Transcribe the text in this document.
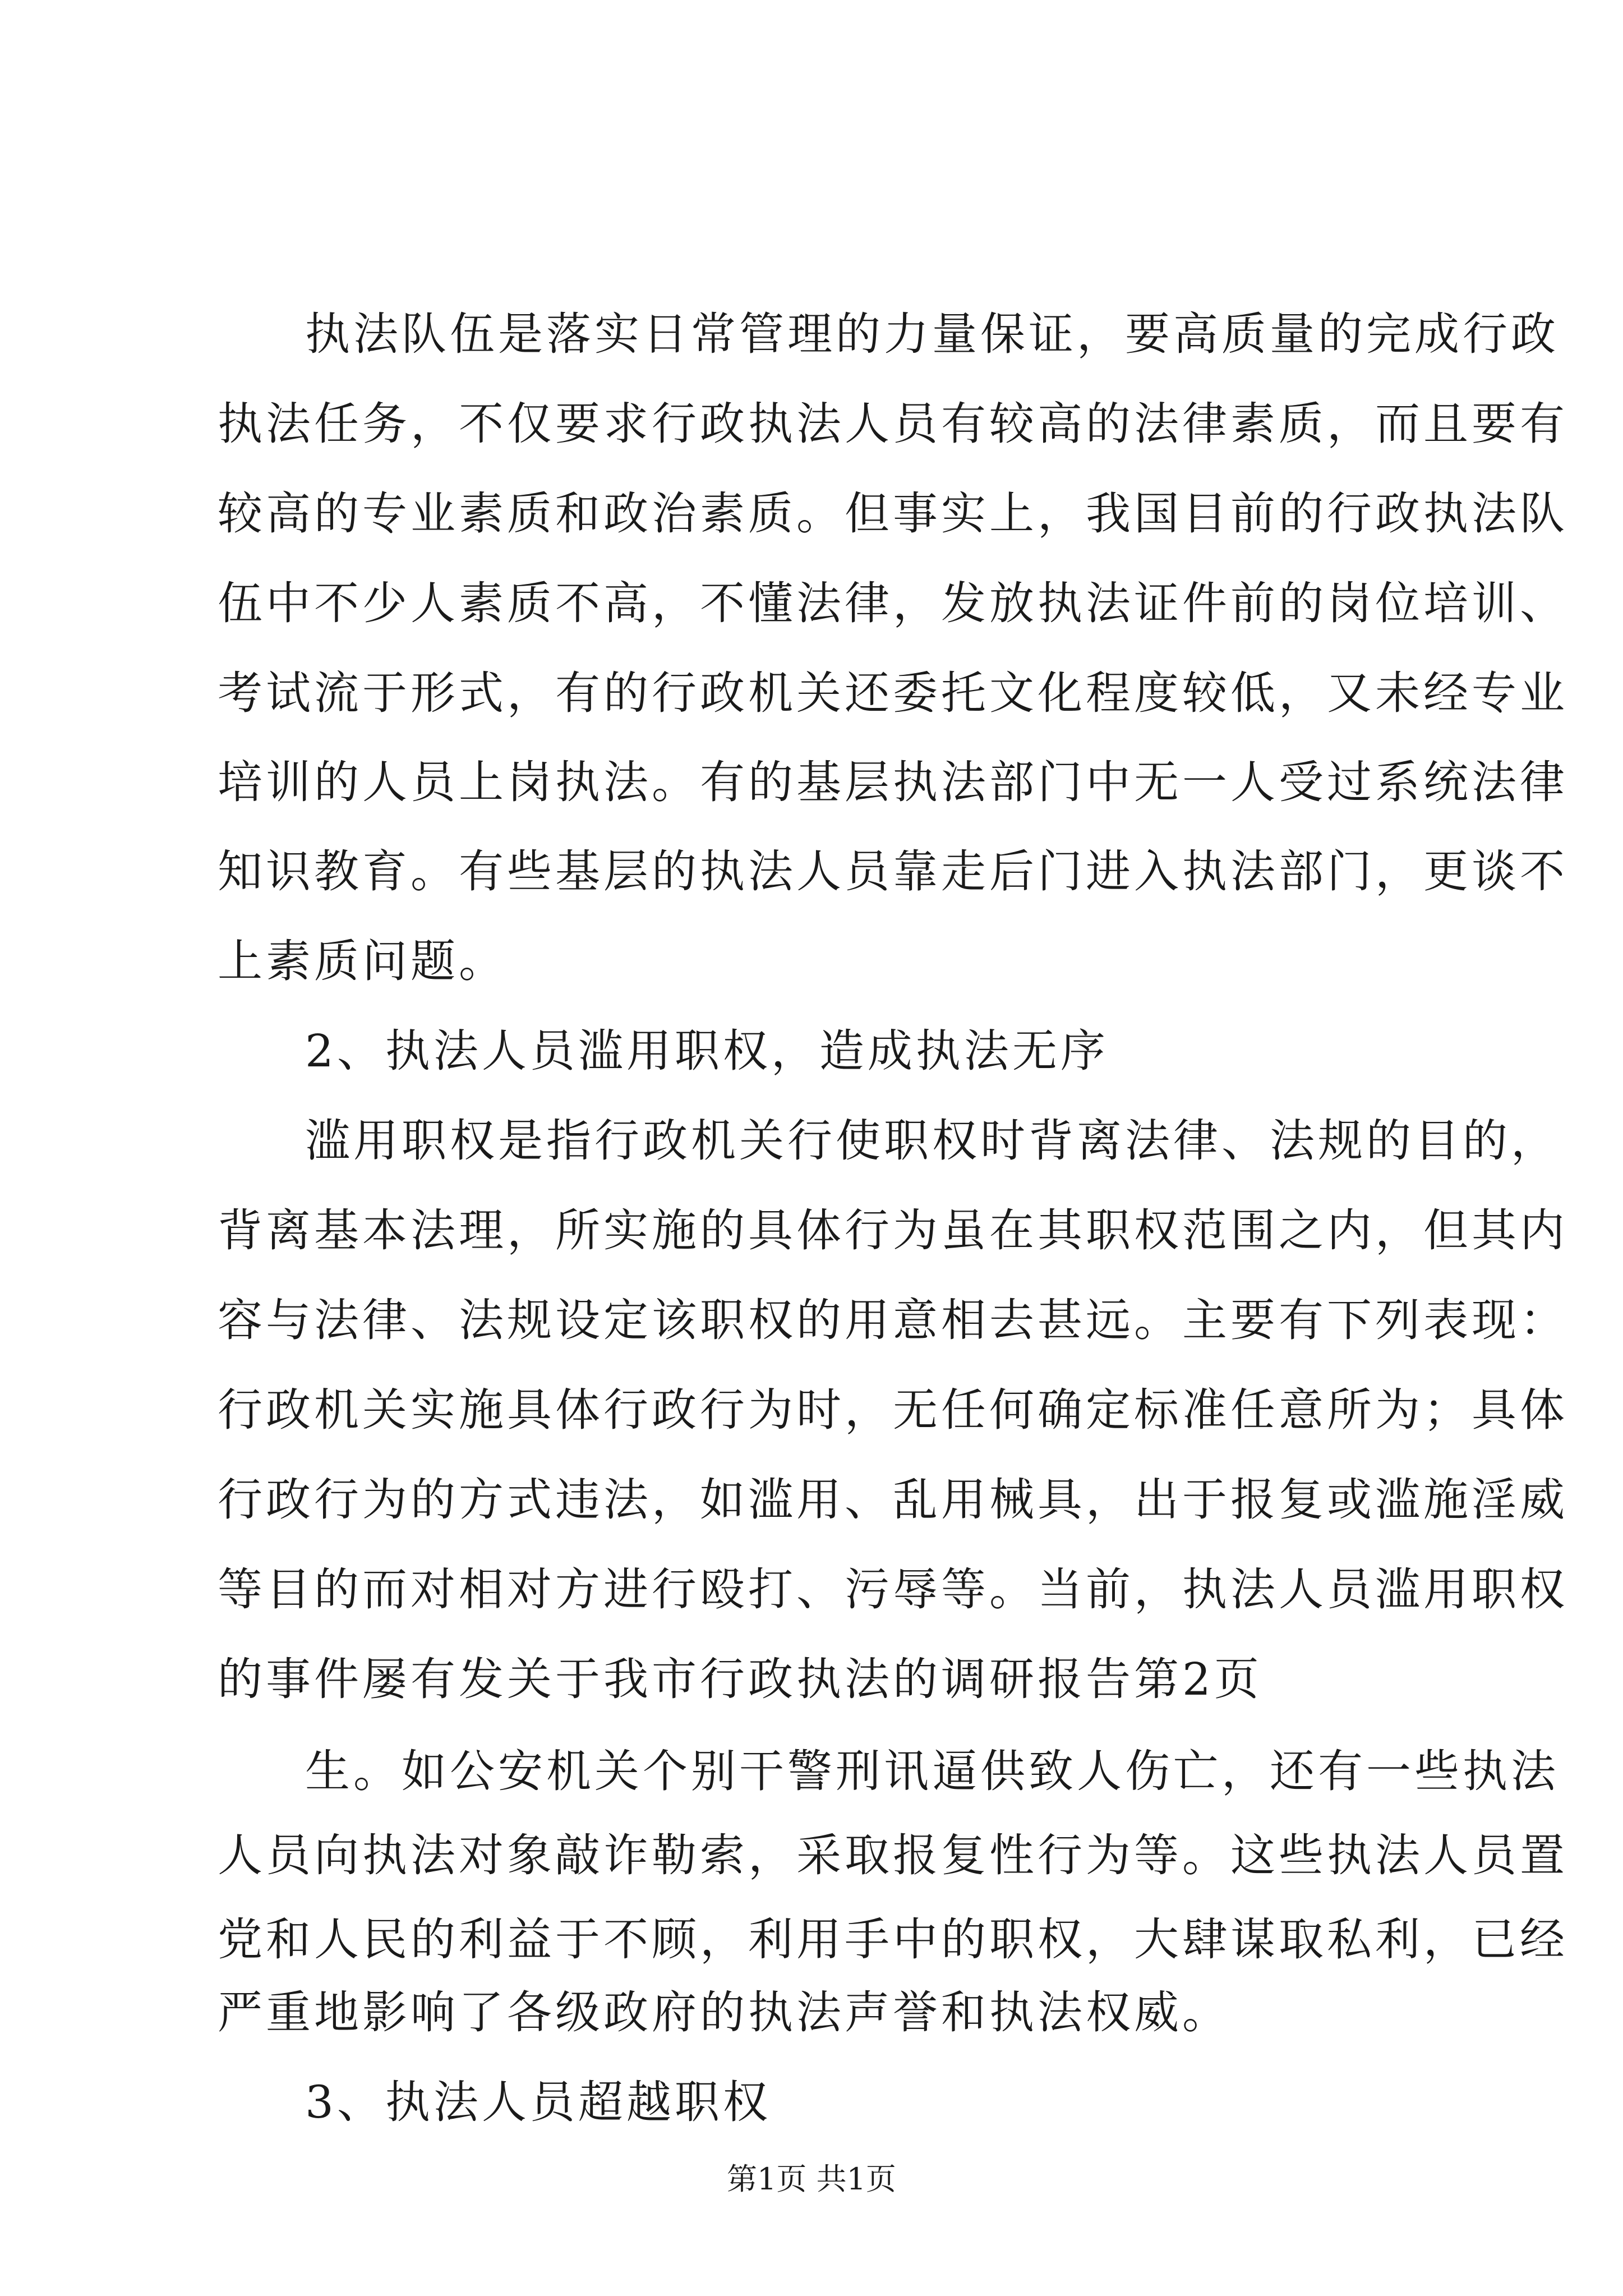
执法队伍是落实日常管理的力量保证，要高质量的完成行政
执法任务，不仅要求行政执法人员有较高的法律素质，而且要有
较高的专业素质和政治素质。但事实上，我国目前的行政执法队
伍中不少人素质不高，不懂法律，发放执法证件前的岗位培训、
考试流于形式，有的行政机关还委托文化程度较低，又未经专业
培训的人员上岗执法。有的基层执法部门中无一人受过系统法律
知识教育。有些基层的执法人员靠走后门进入执法部门，更谈不
上素质问题。
2、执法人员滥用职权，造成执法无序
滥用职权是指行政机关行使职权时背离法律、法规的目的，
背离基本法理，所实施的具体行为虽在其职权范围之内，但其内
容与法律、法规设定该职权的用意相去甚远。主要有下列表现：
行政机关实施具体行政行为时，无任何确定标准任意所为；具体
行政行为的方式违法，如滥用、乱用械具，出于报复或滥施淫威
等目的而对相对方进行殴打、污辱等。当前，执法人员滥用职权
的事件屡有发关于我市行政执法的调研报告第2页
生。如公安机关个别干警刑讯逼供致人伤亡，还有一些执法
人员向执法对象敲诈勒索，采取报复性行为等。这些执法人员置
党和人民的利益于不顾，利用手中的职权，大肆谋取私利，已经
严重地影响了各级政府的执法声誉和执法权威。
第1页 共1页
3、执法人员超越职权
